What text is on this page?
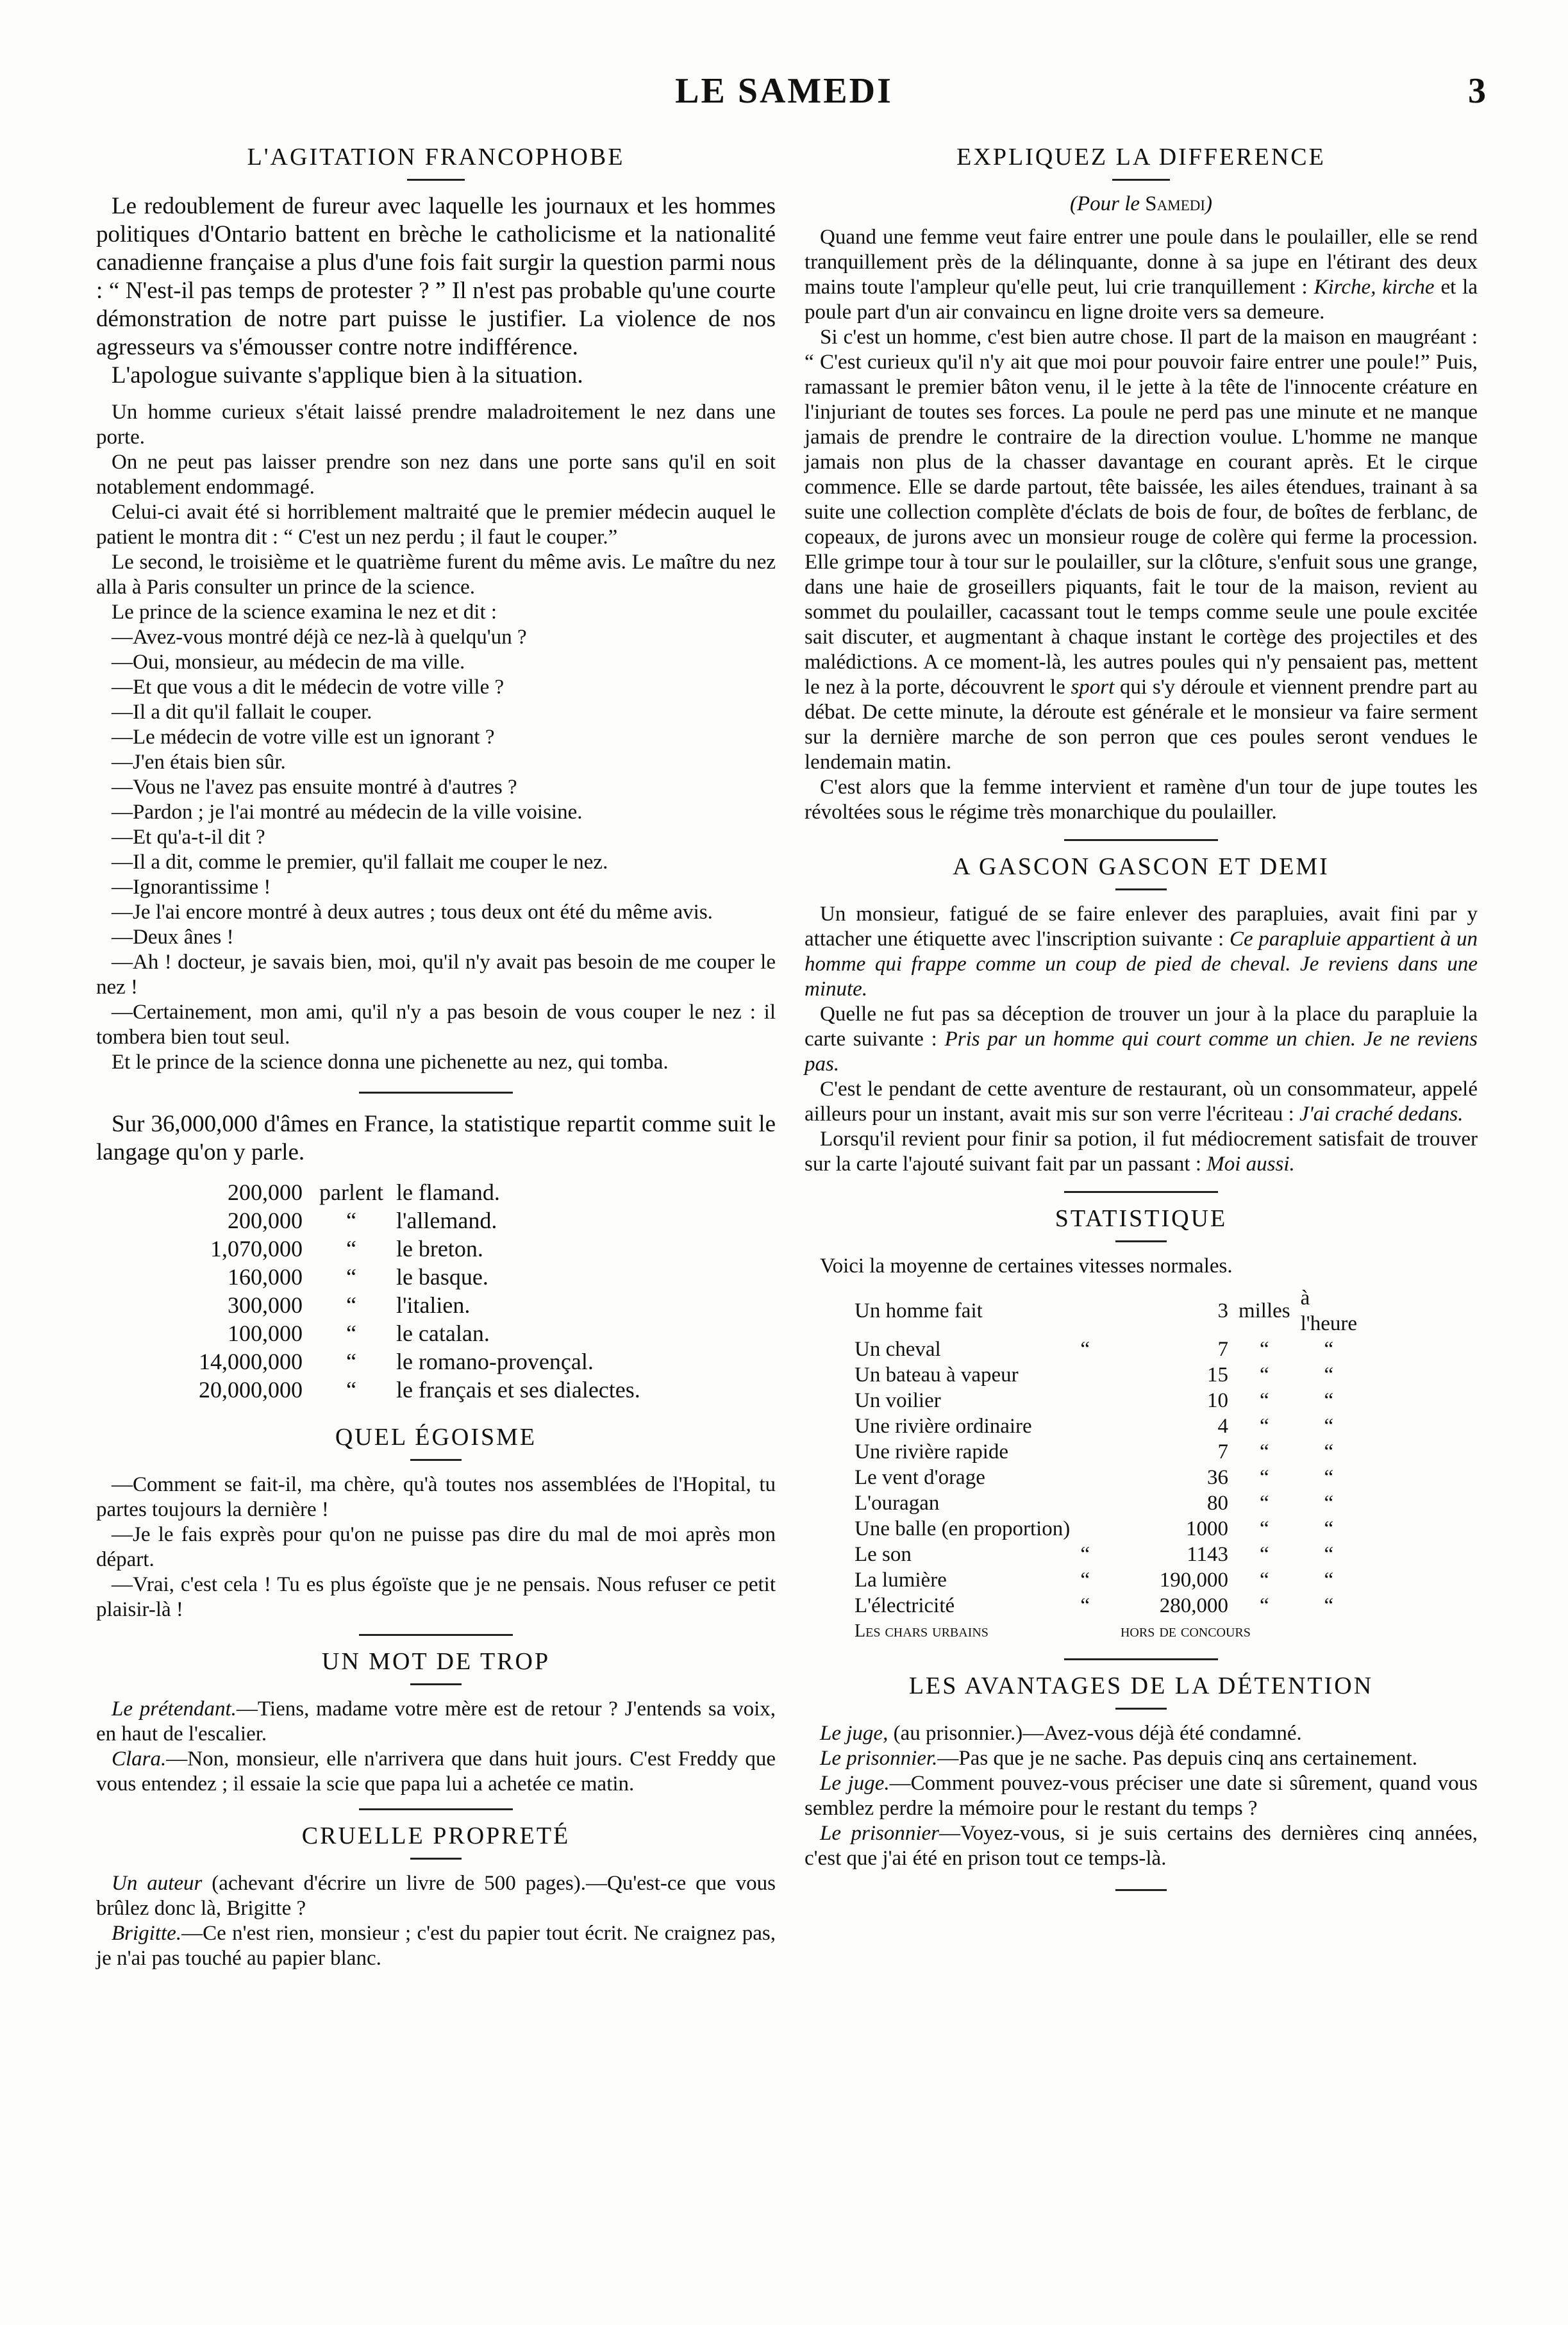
LE SAMEDI	3
L'AGITATION FRANCOPHOBE

Le redoublement de fureur avec laquelle les journaux et les hommes politiques d'Ontario battent en brèche le catholicisme et la nationalité canadienne française a plus d'une fois fait surgir la question parmi nous : “ N'est-il pas temps de protester ? ” Il n'est pas probable qu'une courte démonstration de notre part puisse le justifier. La violence de nos agresseurs va s'émousser contre notre indifférence.

L'apologue suivante s'applique bien à la situation.

Un homme curieux s'était laissé prendre maladroitement le nez dans une porte.

On ne peut pas laisser prendre son nez dans une porte sans qu'il en soit notablement endommagé.

Celui-ci avait été si horriblement maltraité que le premier médecin auquel le patient le montra dit : “ C'est un nez perdu ; il faut le couper.”

Le second, le troisième et le quatrième furent du même avis. Le maître du nez alla à Paris consulter un prince de la science.

Le prince de la science examina le nez et dit :

—Avez-vous montré déjà ce nez-là à quelqu'un ?

—Oui, monsieur, au médecin de ma ville.

—Et que vous a dit le médecin de votre ville ?

—Il a dit qu'il fallait le couper.

—Le médecin de votre ville est un ignorant ?

—J'en étais bien sûr.

—Vous ne l'avez pas ensuite montré à d'autres ?

—Pardon ; je l'ai montré au médecin de la ville voisine.

—Et qu'a-t-il dit ?

—Il a dit, comme le premier, qu'il fallait me couper le nez.

—Ignorantissime !

—Je l'ai encore montré à deux autres ; tous deux ont été du même avis.

—Deux ânes !

—Ah ! docteur, je savais bien, moi, qu'il n'y avait pas besoin de me couper le nez !

—Certainement, mon ami, qu'il n'y a pas besoin de vous couper le nez : il tombera bien tout seul.

Et le prince de la science donna une pichenette au nez, qui tomba.

Sur 36,000,000 d'âmes en France, la statistique repartit comme suit le langage qu'on y parle.

200,000	parlent	le flamand.
200,000	“	l'allemand.
1,070,000	“	le breton.
160,000	“	le basque.
300,000	“	l'italien.
100,000	“	le catalan.
14,000,000	“	le romano-provençal.
20,000,000	“	le français et ses dialectes.
QUEL ÉGOISME

—Comment se fait-il, ma chère, qu'à toutes nos assemblées de l'Hopital, tu partes toujours la dernière !

—Je le fais exprès pour qu'on ne puisse pas dire du mal de moi après mon départ.

—Vrai, c'est cela ! Tu es plus égoïste que je ne pensais. Nous refuser ce petit plaisir-là !

UN MOT DE TROP

Le prétendant.—Tiens, madame votre mère est de retour ? J'entends sa voix, en haut de l'escalier.

Clara.—Non, monsieur, elle n'arrivera que dans huit jours. C'est Freddy que vous entendez ; il essaie la scie que papa lui a achetée ce matin.

CRUELLE PROPRETÉ

Un auteur (achevant d'écrire un livre de 500 pages).—Qu'est-ce que vous brûlez donc là, Brigitte ?

Brigitte.—Ce n'est rien, monsieur ; c'est du papier tout écrit. Ne craignez pas, je n'ai pas touché au papier blanc.

EXPLIQUEZ LA DIFFERENCE
(Pour le Samedi)

Quand une femme veut faire entrer une poule dans le poulailler, elle se rend tranquillement près de la délinquante, donne à sa jupe en l'étirant des deux mains toute l'ampleur qu'elle peut, lui crie tranquillement : Kirche, kirche et la poule part d'un air convaincu en ligne droite vers sa demeure.

Si c'est un homme, c'est bien autre chose. Il part de la maison en maugréant : “ C'est curieux qu'il n'y ait que moi pour pouvoir faire entrer une poule!” Puis, ramassant le premier bâton venu, il le jette à la tête de l'innocente créature en l'injuriant de toutes ses forces. La poule ne perd pas une minute et ne manque jamais de prendre le contraire de la direction voulue. L'homme ne manque jamais non plus de la chasser davantage en courant après. Et le cirque commence. Elle se darde partout, tête baissée, les ailes étendues, trainant à sa suite une collection complète d'éclats de bois de four, de boîtes de ferblanc, de copeaux, de jurons avec un monsieur rouge de colère qui ferme la procession. Elle grimpe tour à tour sur le poulailler, sur la clôture, s'enfuit sous une grange, dans une haie de groseillers piquants, fait le tour de la maison, revient au sommet du poulailler, cacassant tout le temps comme seule une poule excitée sait discuter, et augmentant à chaque instant le cortège des projectiles et des malédictions. A ce moment-là, les autres poules qui n'y pensaient pas, mettent le nez à la porte, découvrent le sport qui s'y déroule et viennent prendre part au débat. De cette minute, la déroute est générale et le monsieur va faire serment sur la dernière marche de son perron que ces poules seront vendues le lendemain matin.

C'est alors que la femme intervient et ramène d'un tour de jupe toutes les révoltées sous le régime très monarchique du poulailler.

A GASCON GASCON ET DEMI

Un monsieur, fatigué de se faire enlever des parapluies, avait fini par y attacher une étiquette avec l'inscription suivante : Ce parapluie appartient à un homme qui frappe comme un coup de pied de cheval. Je reviens dans une minute.

Quelle ne fut pas sa déception de trouver un jour à la place du parapluie la carte suivante : Pris par un homme qui court comme un chien. Je ne reviens pas.

C'est le pendant de cette aventure de restaurant, où un consommateur, appelé ailleurs pour un instant, avait mis sur son verre l'écriteau : J'ai craché dedans.

Lorsqu'il revient pour finir sa potion, il fut médiocrement satisfait de trouver sur la carte l'ajouté suivant fait par un passant : Moi aussi.

STATISTIQUE

Voici la moyenne de certaines vitesses normales.

Un homme fait		3	milles	à l'heure
Un cheval	“	7	“	“
Un bateau à vapeur		15	“	“
Un voilier		10	“	“
Une rivière ordinaire		4	“	“
Une rivière rapide		7	“	“
Le vent d'orage		36	“	“
L'ouragan		80	“	“
Une balle (en proportion)		1000	“	“
Le son	“	1143	“	“
La lumière	“	190,000	“	“
L'électricité	“	280,000	“	“
Les chars urbains		hors de concours		
LES AVANTAGES DE LA DÉTENTION

Le juge, (au prisonnier.)—Avez-vous déjà été condamné.

Le prisonnier.—Pas que je ne sache. Pas depuis cinq ans certainement.

Le juge.—Comment pouvez-vous préciser une date si sûrement, quand vous semblez perdre la mémoire pour le restant du temps ?

Le prisonnier—Voyez-vous, si je suis certains des dernières cinq années, c'est que j'ai été en prison tout ce temps-là.
